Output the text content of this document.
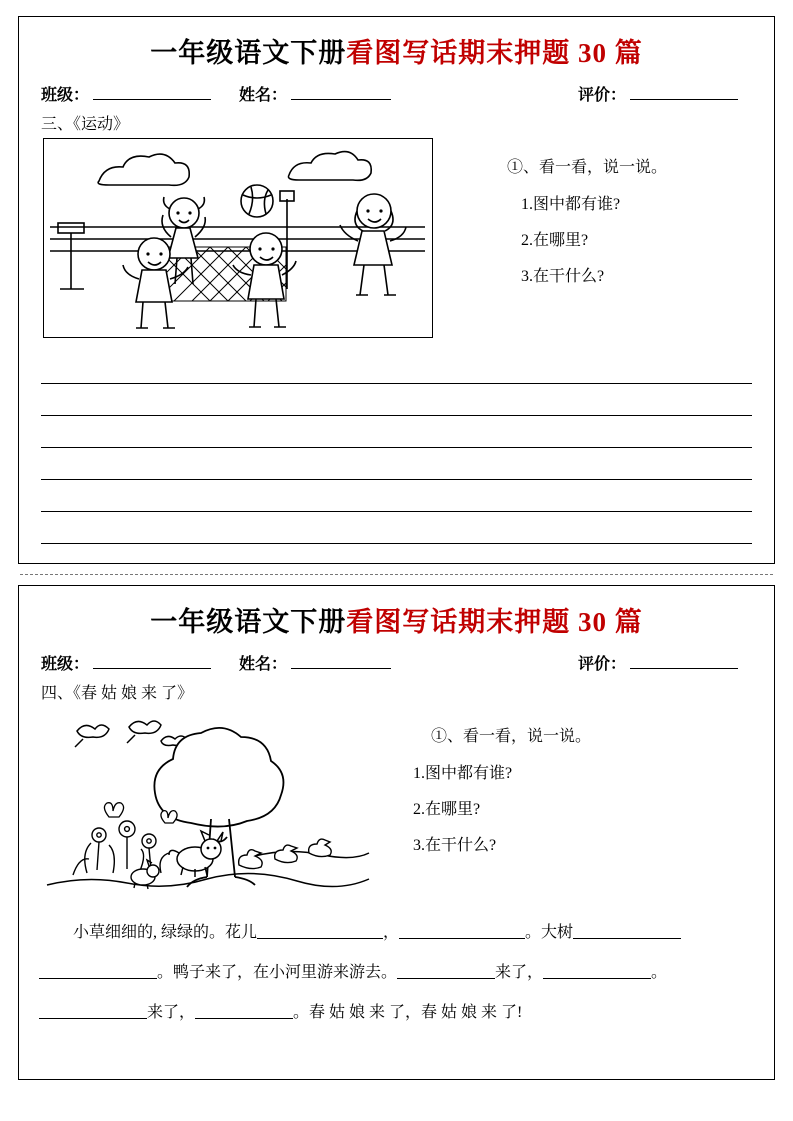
一年级语文下册 看图写话期末押题 30 篇
班级：	姓名：	评价：
三、《运动》
①、看一看，说一说。
1.图中都有谁?
2.在哪里?
3.在干什么?
一年级语文下册 看图写话期末押题 30 篇
班级：	姓名：	评价：
四、《春 姑 娘 来 了》
①、看一看，说一说。
1.图中都有谁?
2.在哪里?
3.在干什么?
小草细细的, 绿绿的。花儿	，	。大树
。鸭子来了，在小河里游来游去。	来了，	。
来了，	。春 姑 娘 来 了，春 姑 娘 来 了!
